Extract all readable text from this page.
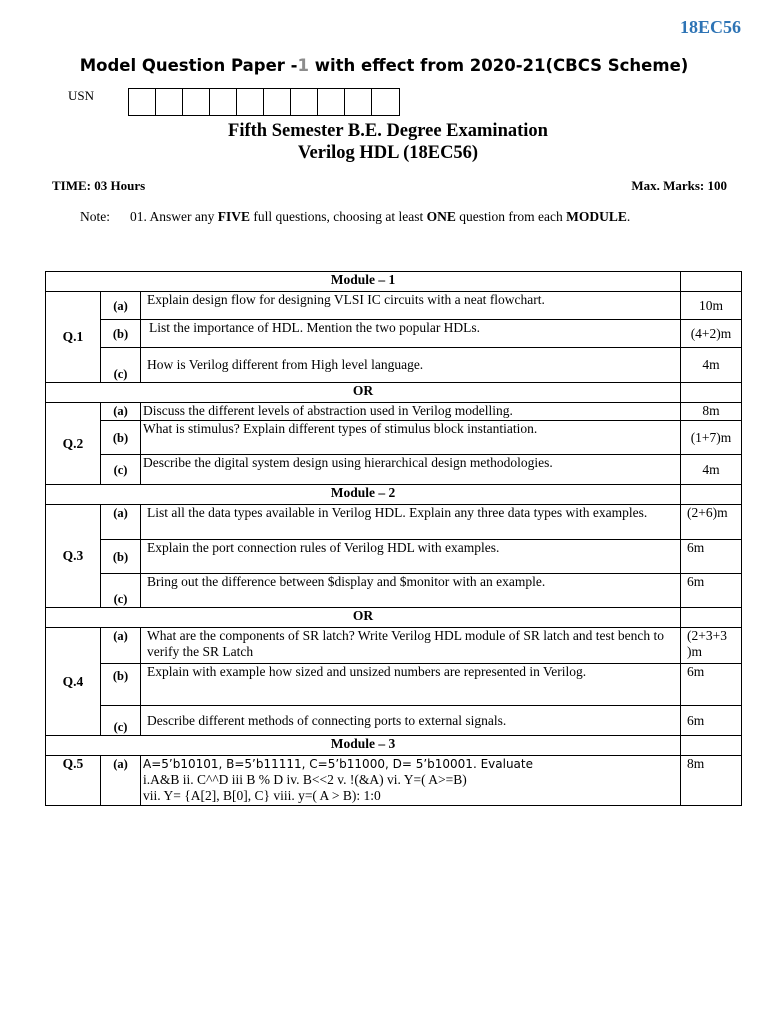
18EC56
Model Question Paper -1 with effect from 2020-21(CBCS Scheme)
USN
Fifth Semester B.E. Degree Examination
Verilog HDL (18EC56)
TIME: 03 Hours	Max. Marks: 100
Note: 01. Answer any FIVE full questions, choosing at least ONE question from each MODULE.
Module – 1			
Q.1	(a)	Explain design flow for designing VLSI IC circuits with a neat flowchart.	10m
	(b)	List the importance of HDL. Mention the two popular HDLs.	(4+2)m
	(c)	How is Verilog different from High level language.	4m
OR			
Q.2	(a)	Discuss the different levels of abstraction used in Verilog modelling.	8m
	(b)	What is stimulus? Explain different types of stimulus block instantiation.	(1+7)m
	(c)	Describe the digital system design using hierarchical design methodologies.	4m
Module – 2			
Q.3	(a)	List all the data types available in Verilog HDL. Explain any three data types with examples.	(2+6)m
	(b)	Explain the port connection rules of Verilog HDL with examples.	6m
	(c)	Bring out the difference between $display and $monitor with an example.	6m
OR			
Q.4	(a)	What are the components of SR latch? Write Verilog HDL module of SR latch and test bench to verify the SR Latch	(2+3+3 )m
	(b)	Explain with example how sized and unsized numbers are represented in Verilog.	6m
	(c)	Describe different methods of connecting ports to external signals.	6m
Module – 3			
Q.5	(a)	A=5’b10101, B=5’b11111, C=5’b11000, D= 5’b10001. Evaluate
i.A&B ii. C^^D iii B % D iv. B<<2 v. !(&A) vi. Y=( A>=B)
vii. Y= {A[2], B[0], C} viii. y=( A > B): 1:0	8m
